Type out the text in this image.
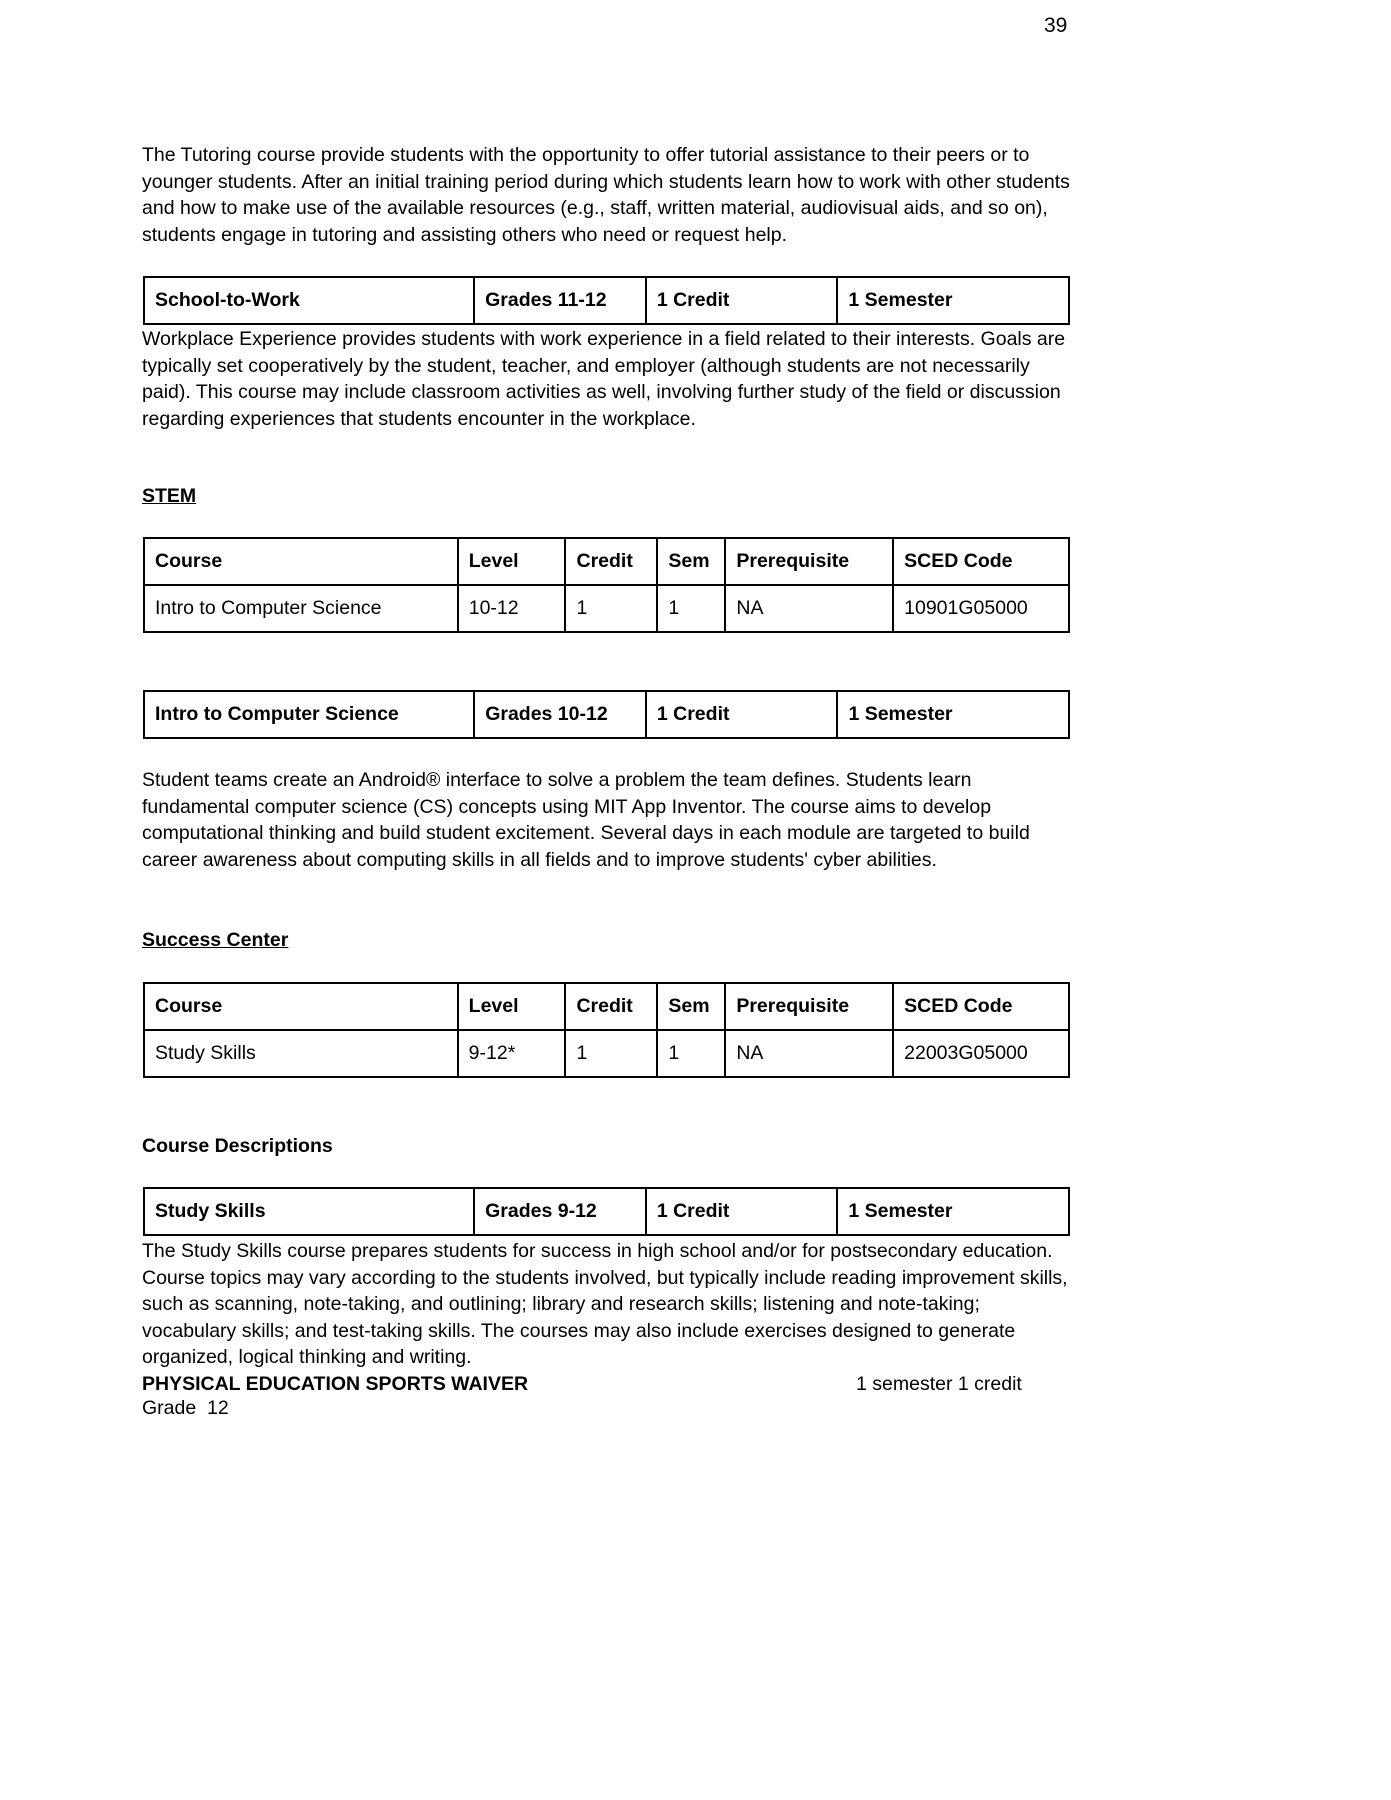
39

The Tutoring course provide students with the opportunity to offer tutorial assistance to their peers or to younger students. After an initial training period during which students learn how to work with other students and how to make use of the available resources (e.g., staff, written material, audiovisual aids, and so on), students engage in tutoring and assisting others who need or request help.

School-to-Work	Grades 11-12	1 Credit	1 Semester

Workplace Experience provides students with work experience in a field related to their interests. Goals are typically set cooperatively by the student, teacher, and employer (although students are not necessarily paid). This course may include classroom activities as well, involving further study of the field or discussion regarding experiences that students encounter in the workplace.

STEM
Course	Level	Credit	Sem	Prerequisite	SCED Code
Intro to Computer Science	10-12	1	1	NA	10901G05000
Intro to Computer Science	Grades 10-12	1 Credit	1 Semester

Student teams create an Android® interface to solve a problem the team defines. Students learn fundamental computer science (CS) concepts using MIT App Inventor. The course aims to develop computational thinking and build student excitement. Several days in each module are targeted to build career awareness about computing skills in all fields and to improve students' cyber abilities.

Success Center
Course	Level	Credit	Sem	Prerequisite	SCED Code
Study Skills	9-12*	1	1	NA	22003G05000
Course Descriptions
Study Skills	Grades 9-12	1 Credit	1 Semester

The Study Skills course prepares students for success in high school and/or for postsecondary education. Course topics may vary according to the students involved, but typically include reading improvement skills, such as scanning, note-taking, and outlining; library and research skills; listening and note-taking; vocabulary skills; and test-taking skills. The courses may also include exercises designed to generate organized, logical thinking and writing.

PHYSICAL EDUCATION SPORTS WAIVER	1 semester 1 credit
Grade  12
